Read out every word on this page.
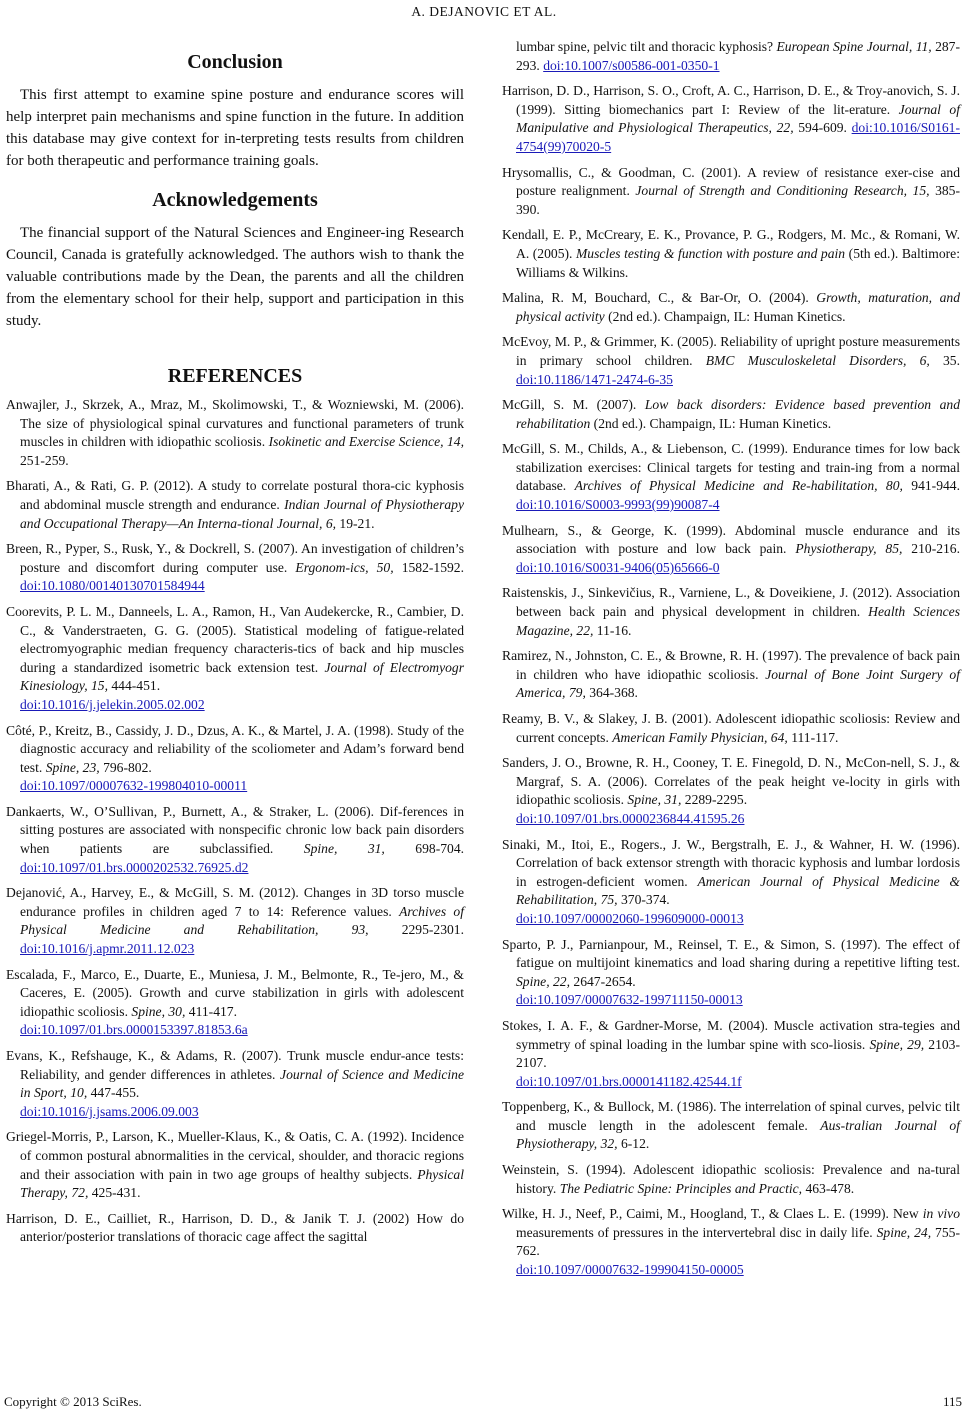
A. DEJANOVIC ET AL.
Conclusion

This first attempt to examine spine posture and endurance scores will help interpret pain mechanisms and spine function in the future. In addition this database may give context for in-terpreting tests results from children for both therapeutic and performance training goals.

Acknowledgements

The financial support of the Natural Sciences and Engineer-ing Research Council, Canada is gratefully acknowledged. The authors wish to thank the valuable contributions made by the Dean, the parents and all the children from the elementary school for their help, support and participation in this study.

REFERENCES

Anwajler, J., Skrzek, A., Mraz, M., Skolimowski, T., & Wozniewski, M. (2006). The size of physiological spinal curvatures and functional parameters of trunk muscles in children with idiopathic scoliosis. Isokinetic and Exercise Science, 14, 251-259.

Bharati, A., & Rati, G. P. (2012). A study to correlate postural thora-cic kyphosis and abdominal muscle strength and endurance. Indian Journal of Physiotherapy and Occupational Therapy—An Interna-tional Journal, 6, 19-21.

Breen, R., Pyper, S., Rusk, Y., & Dockrell, S. (2007). An investigation of children’s posture and discomfort during computer use. Ergonom-ics, 50, 1582-1592. doi:10.1080/00140130701584944

Coorevits, P. L. M., Danneels, L. A., Ramon, H., Van Audekercke, R., Cambier, D. C., & Vanderstraeten, G. G. (2005). Statistical modeling of fatigue-related electromyographic median frequency characteris-tics of back and hip muscles during a standardized isometric back extension test. Journal of Electromyogr Kinesiology, 15, 444-451.
doi:10.1016/j.jelekin.2005.02.002

Côté, P., Kreitz, B., Cassidy, J. D., Dzus, A. K., & Martel, J. A. (1998). Study of the diagnostic accuracy and reliability of the scoliometer and Adam’s forward bend test. Spine, 23, 796-802.
doi:10.1097/00007632-199804010-00011

Dankaerts, W., O’Sullivan, P., Burnett, A., & Straker, L. (2006). Dif-ferences in sitting postures are associated with nonspecific chronic low back pain disorders when patients are subclassified. Spine, 31, 698-704. doi:10.1097/01.brs.0000202532.76925.d2

Dejanović, A., Harvey, E., & McGill, S. M. (2012). Changes in 3D torso muscle endurance profiles in children aged 7 to 14: Reference values. Archives of Physical Medicine and Rehabilitation, 93, 2295-2301. doi:10.1016/j.apmr.2011.12.023

Escalada, F., Marco, E., Duarte, E., Muniesa, J. M., Belmonte, R., Te-jero, M., & Caceres, E. (2005). Growth and curve stabilization in girls with adolescent idiopathic scoliosis. Spine, 30, 411-417.
doi:10.1097/01.brs.0000153397.81853.6a

Evans, K., Refshauge, K., & Adams, R. (2007). Trunk muscle endur-ance tests: Reliability, and gender differences in athletes. Journal of Science and Medicine in Sport, 10, 447-455.
doi:10.1016/j.jsams.2006.09.003

Griegel-Morris, P., Larson, K., Mueller-Klaus, K., & Oatis, C. A. (1992). Incidence of common postural abnormalities in the cervical, shoulder, and thoracic regions and their association with pain in two age groups of healthy subjects. Physical Therapy, 72, 425-431.

Harrison, D. E., Cailliet, R., Harrison, D. D., & Janik T. J. (2002) How do anterior/posterior translations of thoracic cage affect the sagittal

lumbar spine, pelvic tilt and thoracic kyphosis? European Spine Journal, 11, 287-293. doi:10.1007/s00586-001-0350-1

Harrison, D. D., Harrison, S. O., Croft, A. C., Harrison, D. E., & Troy-anovich, S. J. (1999). Sitting biomechanics part I: Review of the lit-erature. Journal of Manipulative and Physiological Therapeutics, 22, 594-609. doi:10.1016/S0161-4754(99)70020-5

Hrysomallis, C., & Goodman, C. (2001). A review of resistance exer-cise and posture realignment. Journal of Strength and Conditioning Research, 15, 385-390.

Kendall, E. P., McCreary, E. K., Provance, P. G., Rodgers, M. Mc., & Romani, W. A. (2005). Muscles testing & function with posture and pain (5th ed.). Baltimore: Williams & Wilkins.

Malina, R. M, Bouchard, C., & Bar-Or, O. (2004). Growth, maturation, and physical activity (2nd ed.). Champaign, IL: Human Kinetics.

McEvoy, M. P., & Grimmer, K. (2005). Reliability of upright posture measurements in primary school children. BMC Musculoskeletal Disorders, 6, 35. doi:10.1186/1471-2474-6-35

McGill, S. M. (2007). Low back disorders: Evidence based prevention and rehabilitation (2nd ed.). Champaign, IL: Human Kinetics.

McGill, S. M., Childs, A., & Liebenson, C. (1999). Endurance times for low back stabilization exercises: Clinical targets for testing and train-ing from a normal database. Archives of Physical Medicine and Re-habilitation, 80, 941-944. doi:10.1016/S0003-9993(99)90087-4

Mulhearn, S., & George, K. (1999). Abdominal muscle endurance and its association with posture and low back pain. Physiotherapy, 85, 210-216. doi:10.1016/S0031-9406(05)65666-0

Raistenskis, J., Sinkevičius, R., Varniene, L., & Doveikiene, J. (2012). Association between back pain and physical development in children. Health Sciences Magazine, 22, 11-16.

Ramirez, N., Johnston, C. E., & Browne, R. H. (1997). The prevalence of back pain in children who have idiopathic scoliosis. Journal of Bone Joint Surgery of America, 79, 364-368.

Reamy, B. V., & Slakey, J. B. (2001). Adolescent idiopathic scoliosis: Review and current concepts. American Family Physician, 64, 111-117.

Sanders, J. O., Browne, R. H., Cooney, T. E. Finegold, D. N., McCon-nell, S. J., & Margraf, S. A. (2006). Correlates of the peak height ve-locity in girls with idiopathic scoliosis. Spine, 31, 2289-2295.
doi:10.1097/01.brs.0000236844.41595.26

Sinaki, M., Itoi, E., Rogers., J. W., Bergstralh, E. J., & Wahner, H. W. (1996). Correlation of back extensor strength with thoracic kyphosis and lumbar lordosis in estrogen-deficient women. American Journal of Physical Medicine & Rehabilitation, 75, 370-374.
doi:10.1097/00002060-199609000-00013

Sparto, P. J., Parnianpour, M., Reinsel, T. E., & Simon, S. (1997). The effect of fatigue on multijoint kinematics and load sharing during a repetitive lifting test. Spine, 22, 2647-2654.
doi:10.1097/00007632-199711150-00013

Stokes, I. A. F., & Gardner-Morse, M. (2004). Muscle activation stra-tegies and symmetry of spinal loading in the lumbar spine with sco-liosis. Spine, 29, 2103-2107.
doi:10.1097/01.brs.0000141182.42544.1f

Toppenberg, K., & Bullock, M. (1986). The interrelation of spinal curves, pelvic tilt and muscle length in the adolescent female. Aus-tralian Journal of Physiotherapy, 32, 6-12.

Weinstein, S. (1994). Adolescent idiopathic scoliosis: Prevalence and na-tural history. The Pediatric Spine: Principles and Practic, 463-478.

Wilke, H. J., Neef, P., Caimi, M., Hoogland, T., & Claes L. E. (1999). New in vivo measurements of pressures in the intervertebral disc in daily life. Spine, 24, 755-762.
doi:10.1097/00007632-199904150-00005

Copyright © 2013 SciRes.	115
